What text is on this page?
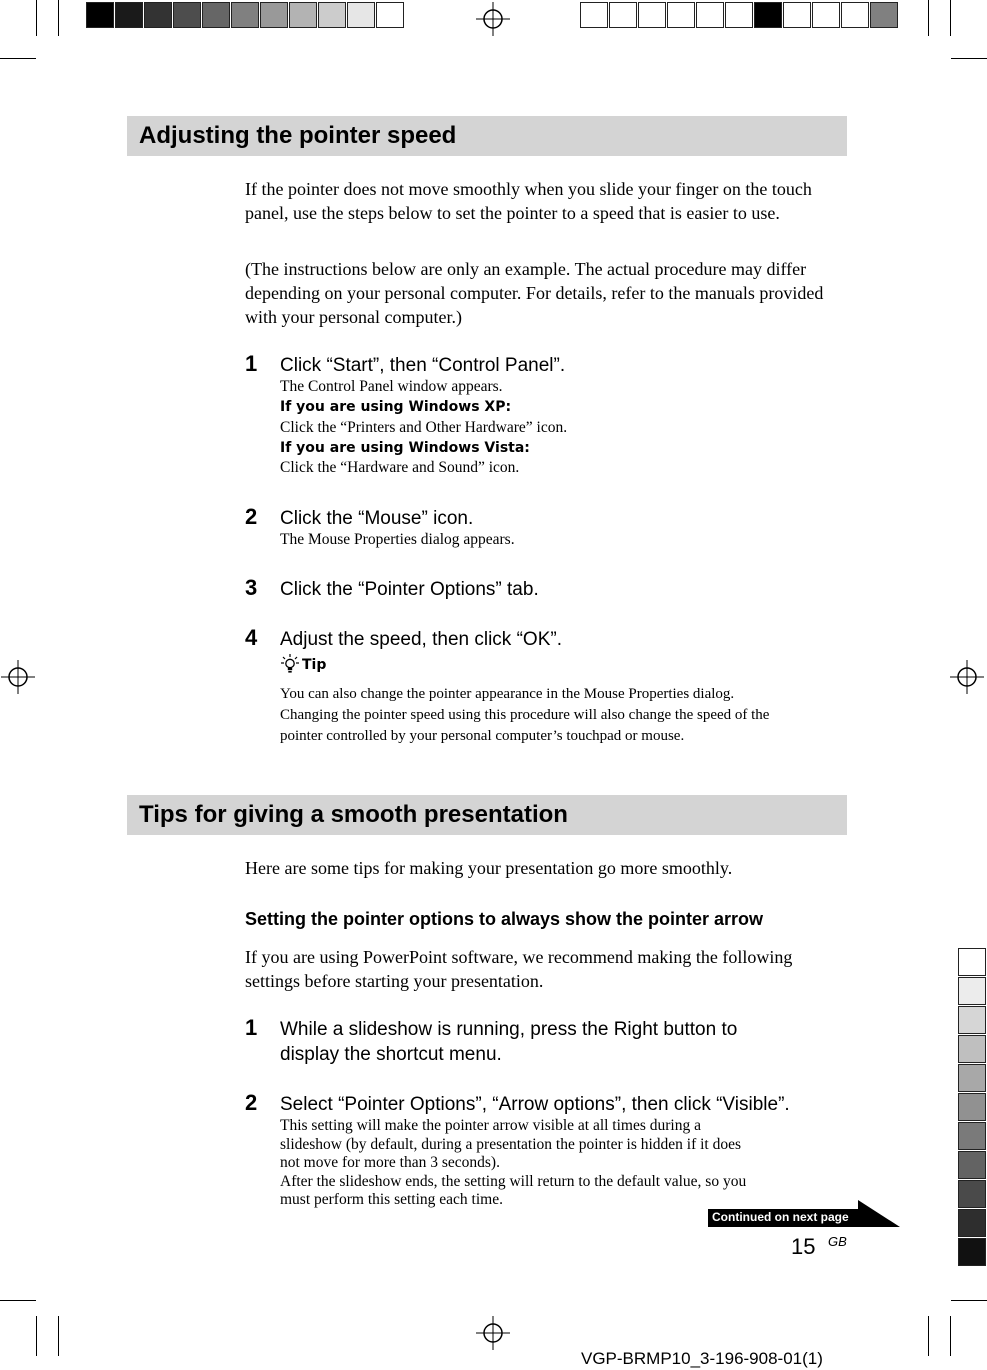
Adjusting the pointer speed
If the pointer does not move smoothly when you slide your finger on the touch panel, use the steps below to set the pointer to a speed that is easier to use.
(The instructions below are only an example. The actual procedure may differ depending on your personal computer. For details, refer to the manuals provided with your personal computer.)
1 Click “Start”, then “Control Panel”.
The Control Panel window appears.
If you are using Windows XP:
Click the “Printers and Other Hardware” icon.
If you are using Windows Vista:
Click the “Hardware and Sound” icon.
2 Click the “Mouse” icon.
The Mouse Properties dialog appears.
3 Click the “Pointer Options” tab.
4 Adjust the speed, then click “OK”.
Tip
You can also change the pointer appearance in the Mouse Properties dialog.
Changing the pointer speed using this procedure will also change the speed of the
pointer controlled by your personal computer’s touchpad or mouse.
Tips for giving a smooth presentation
Here are some tips for making your presentation go more smoothly.
Setting the pointer options to always show the pointer arrow
If you are using PowerPoint software, we recommend making the following settings before starting your presentation.
1 While a slideshow is running, press the Right button to
display the shortcut menu.
2 Select “Pointer Options”, “Arrow options”, then click “Visible”.
This setting will make the pointer arrow visible at all times during a
slideshow (by default, during a presentation the pointer is hidden if it does
not move for more than 3 seconds).
After the slideshow ends, the setting will return to the default value, so you
must perform this setting each time.
Continued on next page
15 GB
VGP-BRMP10_3-196-908-01(1)
